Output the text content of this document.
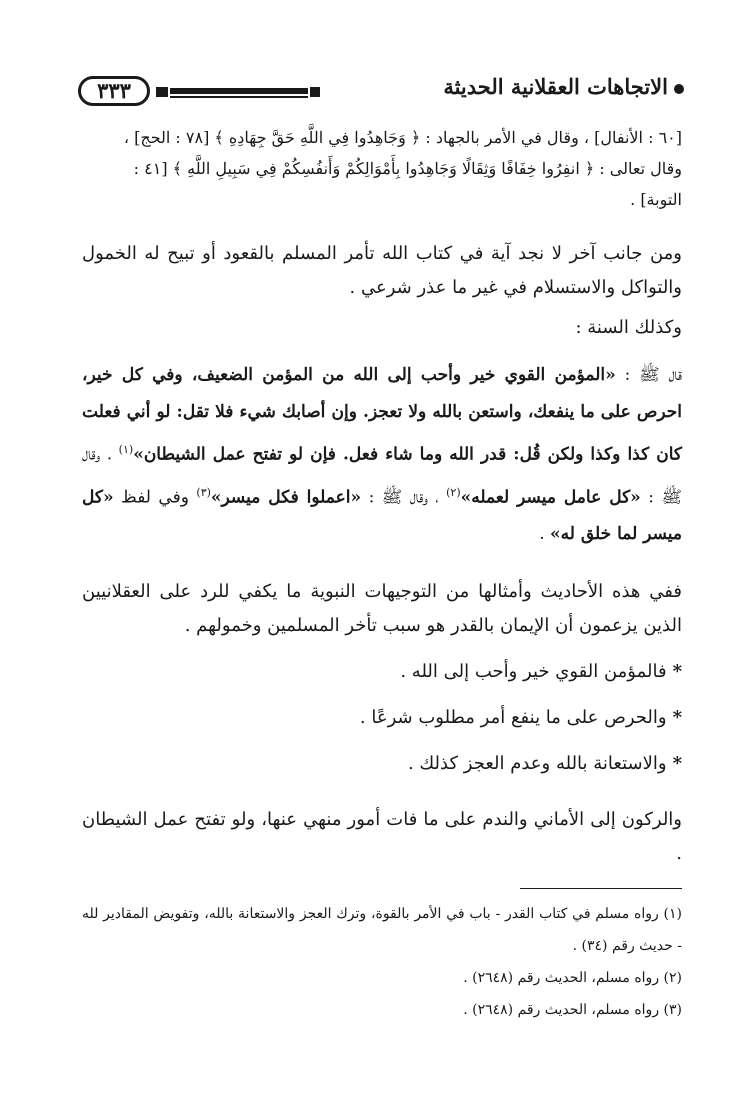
٣٣٣	الاتجاهات العقلانية الحديثة

[٦٠ : الأنفال] ، وقال في الأمر بالجهاد : ﴿ وَجَاهِدُوا فِي اللَّهِ حَقَّ جِهَادِهِ ﴾ [٧٨ : الحج] ،

وقال تعالى : ﴿ انفِرُوا خِفَافًا وَثِقَالًا وَجَاهِدُوا بِأَمْوَالِكُمْ وَأَنفُسِكُمْ فِي سَبِيلِ اللَّهِ ﴾ [٤١ :

التوبة] .

ومن جانب آخر لا نجد آية في كتاب الله تأمر المسلم بالقعود أو تبيح له الخمول والتواكل والاستسلام في غير ما عذر شرعي .

وكذلك السنة :

قال ﷺ : «المؤمن القوي خير وأحب إلى الله من المؤمن الضعيف، وفي كل خير، احرص على ما ينفعك، واستعن بالله ولا تعجز. وإن أصابك شيء فلا تقل: لو أني فعلت كان كذا وكذا ولكن قُل: قدر الله وما شاء فعل. فإن لو تفتح عمل الشيطان»$^{(١)}$ . وقال ﷺ : «كل عامل ميسر لعمله»$^{(٢)}$ ، وقال ﷺ : «اعملوا فكل ميسر»$^{(٣)}$ وفي لفظ «كل ميسر لما خلق له» .

ففي هذه الأحاديث وأمثالها من التوجيهات النبوية ما يكفي للرد على العقلانيين الذين يزعمون أن الإيمان بالقدر هو سبب تأخر المسلمين وخمولهم .

*فالمؤمن القوي خير وأحب إلى الله .

*والحرص على ما ينفع أمر مطلوب شرعًا .

*والاستعانة بالله وعدم العجز كذلك .

والركون إلى الأماني والندم على ما فات أمور منهي عنها، ولو تفتح عمل الشيطان .

(١) رواه مسلم في كتاب القدر - باب في الأمر بالقوة، وترك العجز والاستعانة بالله، وتفويض المقادير لله - حديث رقم (٣٤) .

(٢) رواه مسلم، الحديث رقم (٢٦٤٨) .

(٣) رواه مسلم، الحديث رقم (٢٦٤٨) .
